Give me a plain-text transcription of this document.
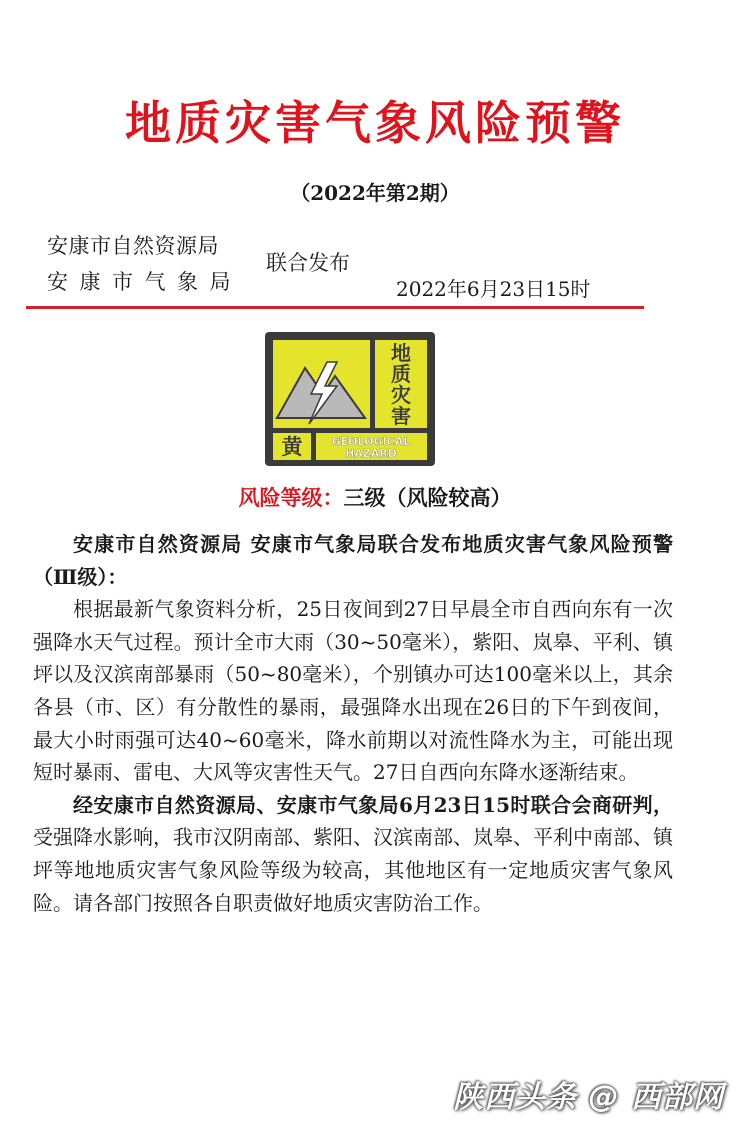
地质灾害气象风险预警
（2022年第2期）
安康市自然资源局
安康市气象局
联合发布
2022年6月23日15时
地
质
灾
害
黄	GEOLOGICAL
HAZARD
风险等级：三级（风险较高）

安康市自然资源局 安康市气象局联合发布地质灾害气象风险预警（Ⅲ级）：

根据最新气象资料分析，25日夜间到27日早晨全市自西向东有一次强降水天气过程。预计全市大雨（30~50毫米），紫阳、岚皋、平利、镇坪以及汉滨南部暴雨（50~80毫米），个别镇办可达100毫米以上，其余各县（市、区）有分散性的暴雨，最强降水出现在26日的下午到夜间，最大小时雨强可达40~60毫米，降水前期以对流性降水为主，可能出现短时暴雨、雷电、大风等灾害性天气。27日自西向东降水逐渐结束。

经安康市自然资源局、安康市气象局6月23日15时联合会商研判，受强降水影响，我市汉阴南部、紫阳、汉滨南部、岚皋、平利中南部、镇坪等地地质灾害气象风险等级为较高，其他地区有一定地质灾害气象风险。请各部门按照各自职责做好地质灾害防治工作。

陕西头条 @ 西部网
